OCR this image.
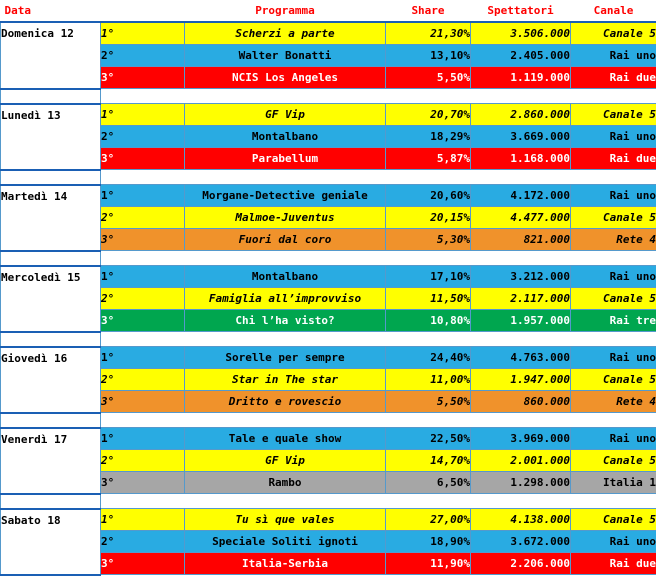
Data		Programma	Share	Spettatori	Canale
Domenica 12	1°	Scherzi a parte	21,30%	3.506.000	Canale 5
	2°	Walter Bonatti	13,10%	2.405.000	Rai uno
	3°	NCIS Los Angeles	5,50%	1.119.000	Rai due

Lunedì 13	1°	GF Vip	20,70%	2.860.000	Canale 5
	2°	Montalbano	18,29%	3.669.000	Rai uno
	3°	Parabellum	5,87%	1.168.000	Rai due

Martedì 14	1°	Morgane-Detective geniale	20,60%	4.172.000	Rai uno
	2°	Malmoe-Juventus	20,15%	4.477.000	Canale 5
	3°	Fuori dal coro	5,30%	821.000	Rete 4

Mercoledì 15	1°	Montalbano	17,10%	3.212.000	Rai uno
	2°	Famiglia all’improvviso	11,50%	2.117.000	Canale 5
	3°	Chi l’ha visto?	10,80%	1.957.000	Rai tre

Giovedì 16	1°	Sorelle per sempre	24,40%	4.763.000	Rai uno
	2°	Star in The star	11,00%	1.947.000	Canale 5
	3°	Dritto e rovescio	5,50%	860.000	Rete 4

Venerdì 17	1°	Tale e quale show	22,50%	3.969.000	Rai uno
	2°	GF Vip	14,70%	2.001.000	Canale 5
	3°	Rambo	6,50%	1.298.000	Italia 1

Sabato 18	1°	Tu sì que vales	27,00%	4.138.000	Canale 5
	2°	Speciale Soliti ignoti	18,90%	3.672.000	Rai uno
	3°	Italia-Serbia	11,90%	2.206.000	Rai due
